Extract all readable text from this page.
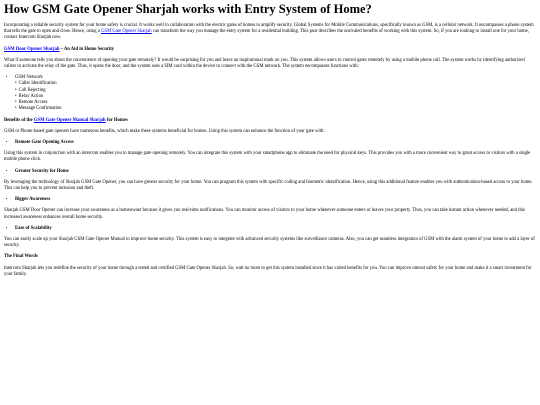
How GSM Gate Opener Sharjah works with Entry System of Home?

Incorporating a reliable security system for your home safety is crucial. It works well in collaboration with the electric gates of homes to amplify security. Global Systems for Mobile Communications, specifically known as GSM, is a cellular network. It encompasses a phone system that tells the gate to open and close. Hence, using a GSM Gate Opener Sharjah can transform the way you manage the entry system for a residential building. This post describes the unrivaled benefits of working with this system. So, if you are looking to install one for your home, contact Intercom Sharjah now.

GSM Door Opener Sharjah – An Aid in Home Security

What if someone tells you about the convenience of opening your gate remotely? It would be surprising for you and leave an inspirational mark on you. This system allows users to control gates remotely by using a mobile phone call. The system works by identifying authorized callers to activate the relay of the gate. Thus, it opens the door, and the system uses a SIM card within the device to connect with the GSM network. The system encompasses functions with:

• GSM Network
• Caller Identification
• Call Rejecting
• Relay Action
• Remote Access
• Message Confirmation
Benefits of the GSM Gate Opener Manual Sharjah for Homes

GSM or Phone-based gate openers have numerous benefits, which make these systems beneficial for homes. Using this system can enhance the function of your gate with:

• Remote Gate Opening Access

Using this system in conjunction with an intercom enables you to manage gate opening remotely. You can integrate this system with your smartphone app to eliminate the need for physical keys. This provides you with a more convenient way to grant access to visitors with a single mobile phone click.

• Greater Security for Home

By leveraging the technology of Sharjah GSM Gate Opener, you can have greater security for your home. You can program this system with specific coding and biometric identification. Hence, using this additional feature enables you with authentication-based access to your home. This can help you to prevent intrusion and theft.

• Bigger Awareness

Sharjah GSM Door Opener can increase your awareness as a homeowner because it gives you real-time notifications. You can monitor access of visitors to your home whenever someone enters or leaves your property. Thus, you can take instant action whenever needed, and this increased awareness enhances overall home security.

• Ease of Scalability

You can easily scale up your Sharjah GSM Gate Opener Manual to improve home security. This system is easy to integrate with advanced security systems like surveillance cameras. Also, you can get seamless integration of GSM with the alarm system of your home to add a layer of security.

The Final Words

Intercom Sharjah lets you redefine the security of your home through a tested and certified GSM Gate Opener Sharjah. So, wait no more to get this system installed since it has varied benefits for you. You can improve utmost safety for your home and make it a smart investment for your family.
